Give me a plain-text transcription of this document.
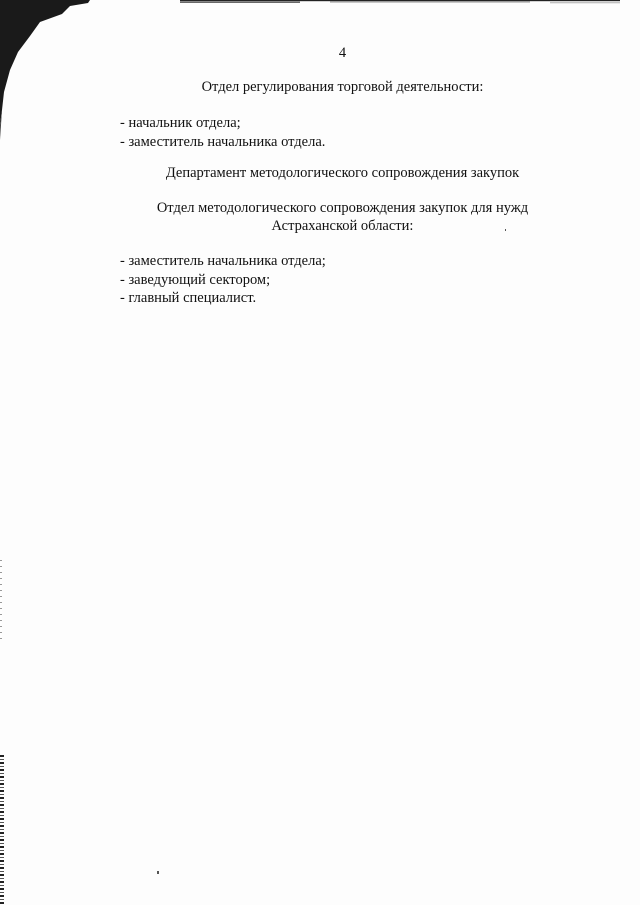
4
Отдел регулирования торговой деятельности:
- начальник отдела;
- заместитель начальника отдела.
Департамент методологического сопровождения закупок
Отдел методологического сопровождения закупок для нужд
Астраханской области:
- заместитель начальника отдела;
- заведующий сектором;
- главный специалист.
